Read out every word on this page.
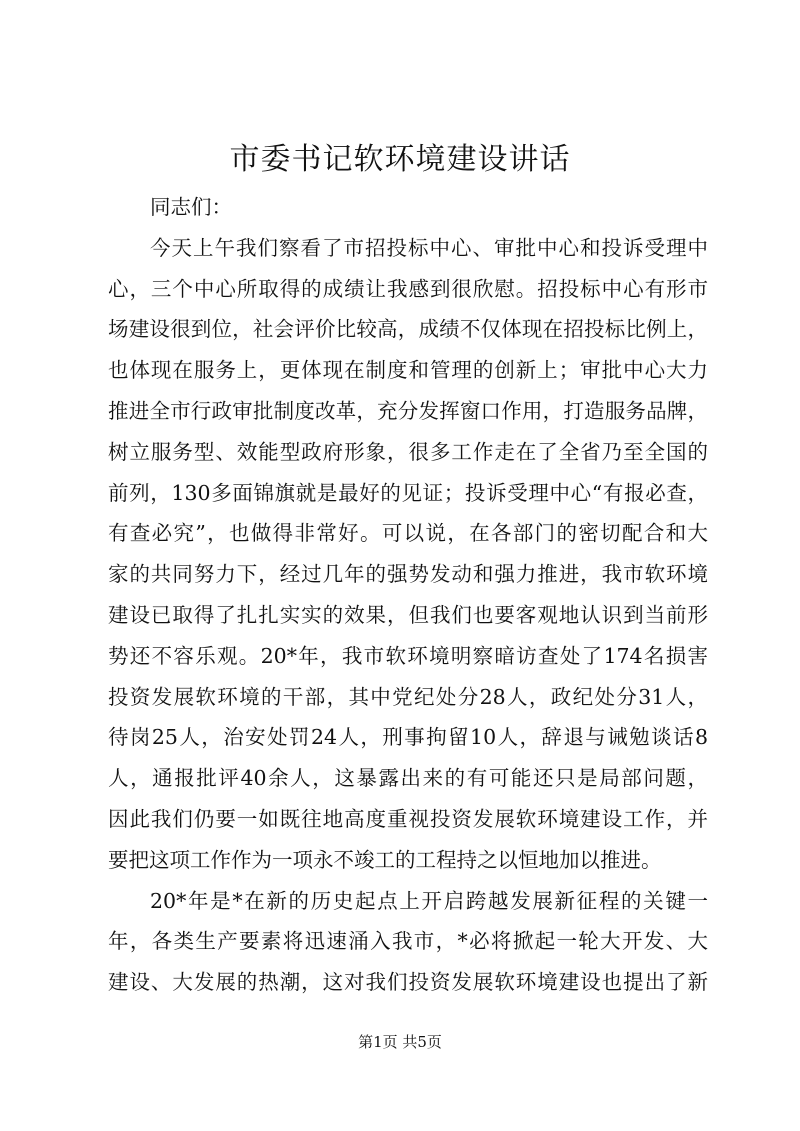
市委书记软环境建设讲话
同志们：
今天上午我们察看了市招投标中心、审批中心和投诉受理中
心，三个中心所取得的成绩让我感到很欣慰。招投标中心有形市
场建设很到位，社会评价比较高，成绩不仅体现在招投标比例上，
也体现在服务上，更体现在制度和管理的创新上；审批中心大力
推进全市行政审批制度改革，充分发挥窗口作用，打造服务品牌，
树立服务型、效能型政府形象，很多工作走在了全省乃至全国的
前列，130多面锦旗就是最好的见证；投诉受理中心“有报必查，
有查必究”，也做得非常好。可以说，在各部门的密切配合和大
家的共同努力下，经过几年的强势发动和强力推进，我市软环境
建设已取得了扎扎实实的效果，但我们也要客观地认识到当前形
势还不容乐观。20*年，我市软环境明察暗访查处了174名损害
投资发展软环境的干部，其中党纪处分28人，政纪处分31人，
待岗25人，治安处罚24人，刑事拘留10人，辞退与诫勉谈话8
人，通报批评40余人，这暴露出来的有可能还只是局部问题，
因此我们仍要一如既往地高度重视投资发展软环境建设工作，并
要把这项工作作为一项永不竣工的工程持之以恒地加以推进。
20*年是*在新的历史起点上开启跨越发展新征程的关键一
年，各类生产要素将迅速涌入我市，*必将掀起一轮大开发、大
建设、大发展的热潮，这对我们投资发展软环境建设也提出了新
第1页 共5页
